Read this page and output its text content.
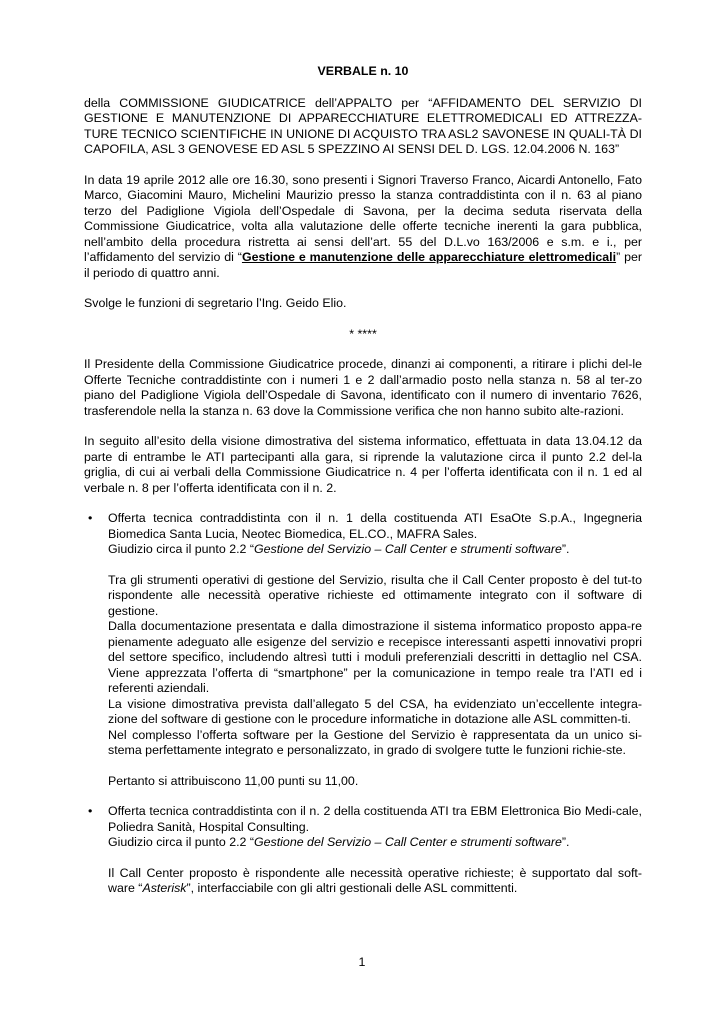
VERBALE n. 10

della COMMISSIONE GIUDICATRICE dell’APPALTO per “AFFIDAMENTO DEL SERVIZIO DI GESTIONE E MANUTENZIONE DI APPARECCHIATURE ELETTROMEDICALI ED ATTREZZA-TURE TECNICO SCIENTIFICHE IN UNIONE DI ACQUISTO TRA ASL2 SAVONESE IN QUALI-TÀ DI CAPOFILA, ASL 3 GENOVESE ED ASL 5 SPEZZINO AI SENSI DEL D. LGS. 12.04.2006 N. 163”

In data 19 aprile 2012 alle ore 16.30, sono presenti i Signori Traverso Franco, Aicardi Antonello, Fato Marco, Giacomini Mauro, Michelini Maurizio presso la stanza contraddistinta con il n. 63 al piano terzo del Padiglione Vigiola dell’Ospedale di Savona, per la decima seduta riservata della Commissione Giudicatrice, volta alla valutazione delle offerte tecniche inerenti la gara pubblica, nell’ambito della procedura ristretta ai sensi dell’art. 55 del D.L.vo 163/2006 e s.m. e i., per l’affidamento del servizio di “Gestione e manutenzione delle apparecchiature elettromedicali” per il periodo di quattro anni.

Svolge le funzioni di segretario l’Ing. Geido Elio.

* ****

Il Presidente della Commissione Giudicatrice procede, dinanzi ai componenti, a ritirare i plichi del-le Offerte Tecniche contraddistinte con i numeri 1 e 2 dall’armadio posto nella stanza n. 58 al ter-zo piano del Padiglione Vigiola dell’Ospedale di Savona, identificato con il numero di inventario 7626, trasferendole nella la stanza n. 63 dove la Commissione verifica che non hanno subito alte-razioni.

In seguito all’esito della visione dimostrativa del sistema informatico, effettuata in data 13.04.12 da parte di entrambe le ATI partecipanti alla gara, si riprende la valutazione circa il punto 2.2 del-la griglia, di cui ai verbali della Commissione Giudicatrice n. 4 per l’offerta identificata con il n. 1 ed al verbale n. 8 per l’offerta identificata con il n. 2.

• Offerta tecnica contraddistinta con il n. 1 della costituenda ATI EsaOte S.p.A., Ingegneria Biomedica Santa Lucia, Neotec Biomedica, EL.CO., MAFRA Sales.

Giudizio circa il punto 2.2 “Gestione del Servizio – Call Center e strumenti software”.

Tra gli strumenti operativi di gestione del Servizio, risulta che il Call Center proposto è del tut-to rispondente alle necessità operative richieste ed ottimamente integrato con il software di gestione.

Dalla documentazione presentata e dalla dimostrazione il sistema informatico proposto appa-re pienamente adeguato alle esigenze del servizio e recepisce interessanti aspetti innovativi propri del settore specifico, includendo altresì tutti i moduli preferenziali descritti in dettaglio nel CSA. Viene apprezzata l’offerta di “smartphone” per la comunicazione in tempo reale tra l’ATI ed i referenti aziendali.

La visione dimostrativa prevista dall’allegato 5 del CSA, ha evidenziato un’eccellente integra-zione del software di gestione con le procedure informatiche in dotazione alle ASL committen-ti.

Nel complesso l’offerta software per la Gestione del Servizio è rappresentata da un unico si-stema perfettamente integrato e personalizzato, in grado di svolgere tutte le funzioni richie-ste.

Pertanto si attribuiscono 11,00 punti su 11,00.

• Offerta tecnica contraddistinta con il n. 2 della costituenda ATI tra EBM Elettronica Bio Medi-cale, Poliedra Sanità, Hospital Consulting.

Giudizio circa il punto 2.2 “Gestione del Servizio – Call Center e strumenti software”.

Il Call Center proposto è rispondente alle necessità operative richieste; è supportato dal soft-ware “Asterisk”, interfacciabile con gli altri gestionali delle ASL committenti.

1
